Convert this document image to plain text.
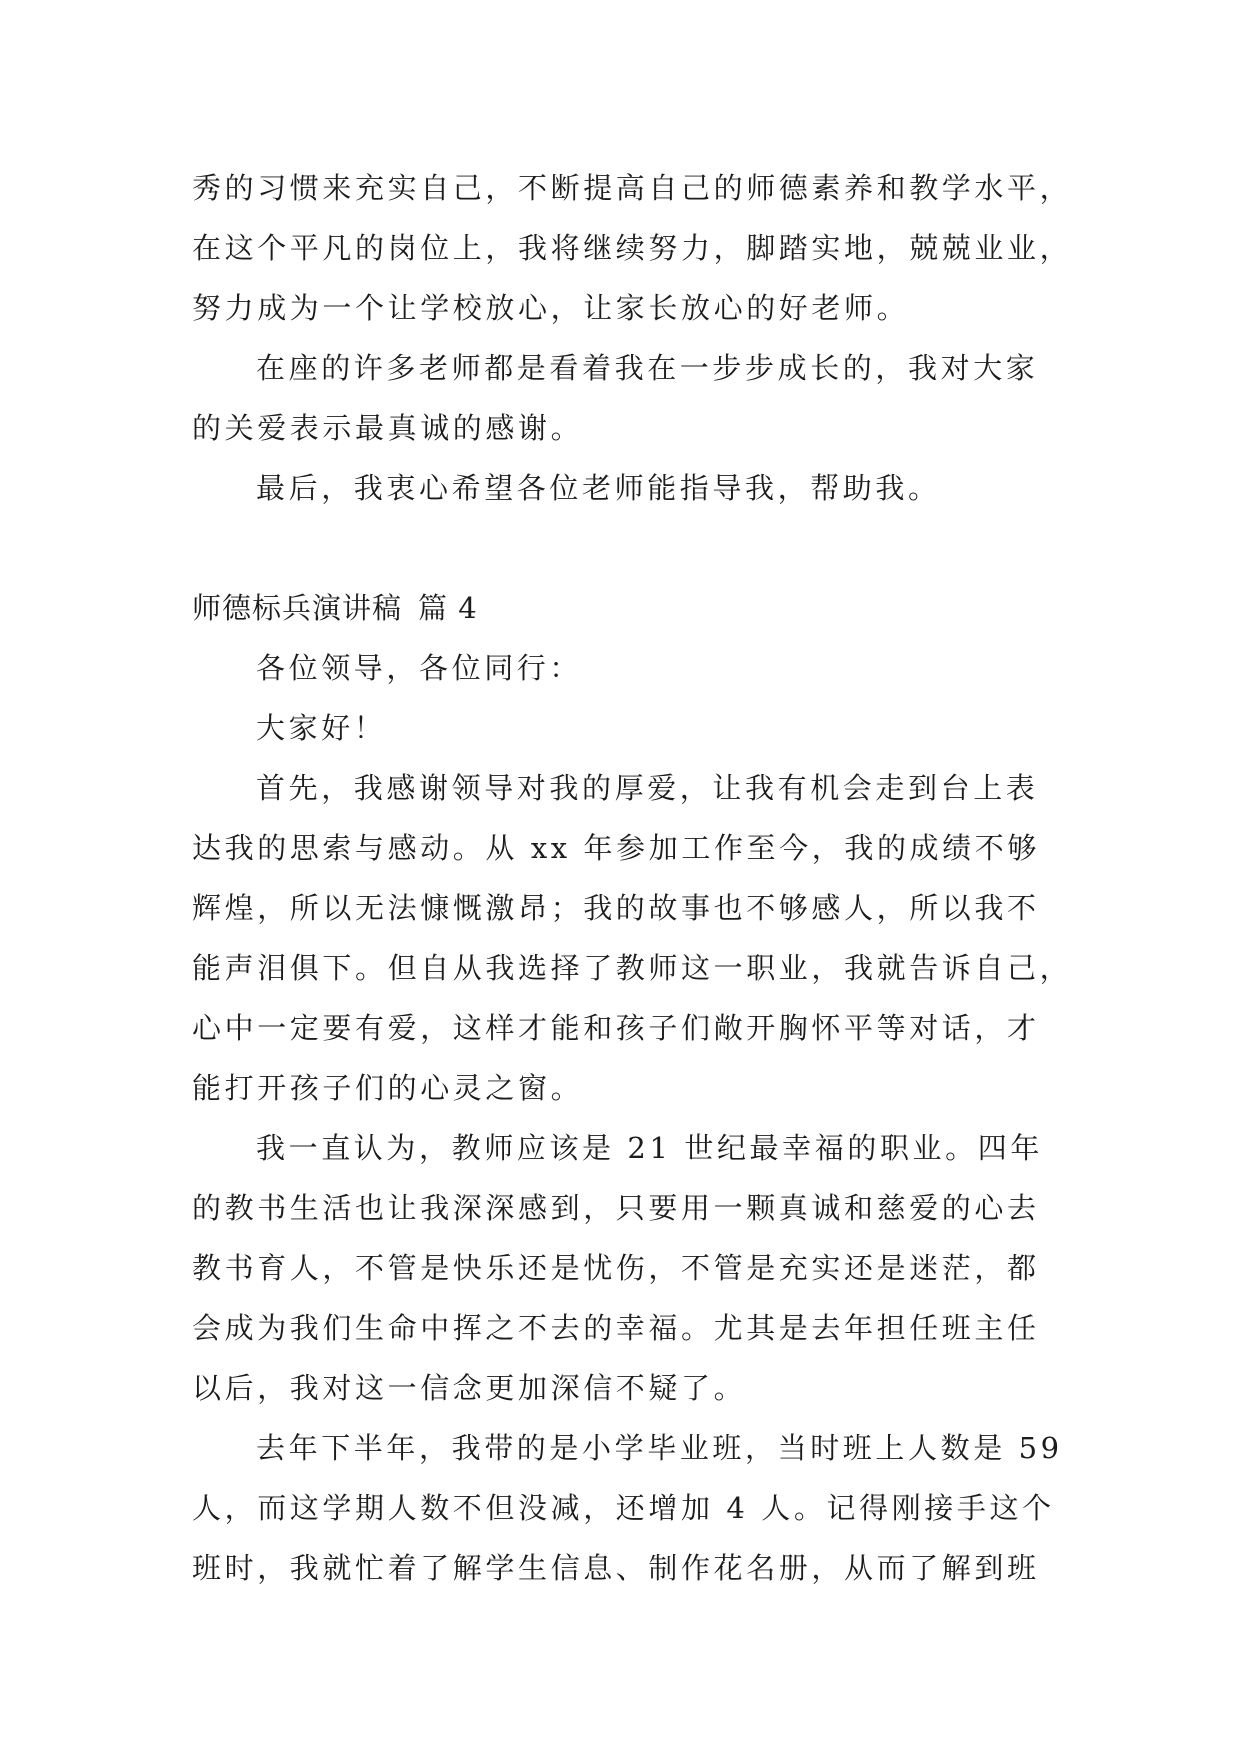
秀的习惯来充实自己，不断提高自己的师德素养和教学水平，
在这个平凡的岗位上，我将继续努力，脚踏实地，兢兢业业，
努力成为一个让学校放心，让家长放心的好老师。
在座的许多老师都是看着我在一步步成长的，我对大家
的关爱表示最真诚的感谢。
最后，我衷心希望各位老师能指导我，帮助我。
师德标兵演讲稿 篇 4
各位领导，各位同行：
大家好！
首先，我感谢领导对我的厚爱，让我有机会走到台上表
达我的思索与感动。从 xx 年参加工作至今，我的成绩不够
辉煌，所以无法慷慨激昂；我的故事也不够感人，所以我不
能声泪俱下。但自从我选择了教师这一职业，我就告诉自己，
心中一定要有爱，这样才能和孩子们敞开胸怀平等对话，才
能打开孩子们的心灵之窗。
我一直认为，教师应该是 21 世纪最幸福的职业。四年
的教书生活也让我深深感到，只要用一颗真诚和慈爱的心去
教书育人，不管是快乐还是忧伤，不管是充实还是迷茫，都
会成为我们生命中挥之不去的幸福。尤其是去年担任班主任
以后，我对这一信念更加深信不疑了。
去年下半年，我带的是小学毕业班，当时班上人数是 59
人，而这学期人数不但没减，还增加 4 人。记得刚接手这个
班时，我就忙着了解学生信息、制作花名册，从而了解到班
